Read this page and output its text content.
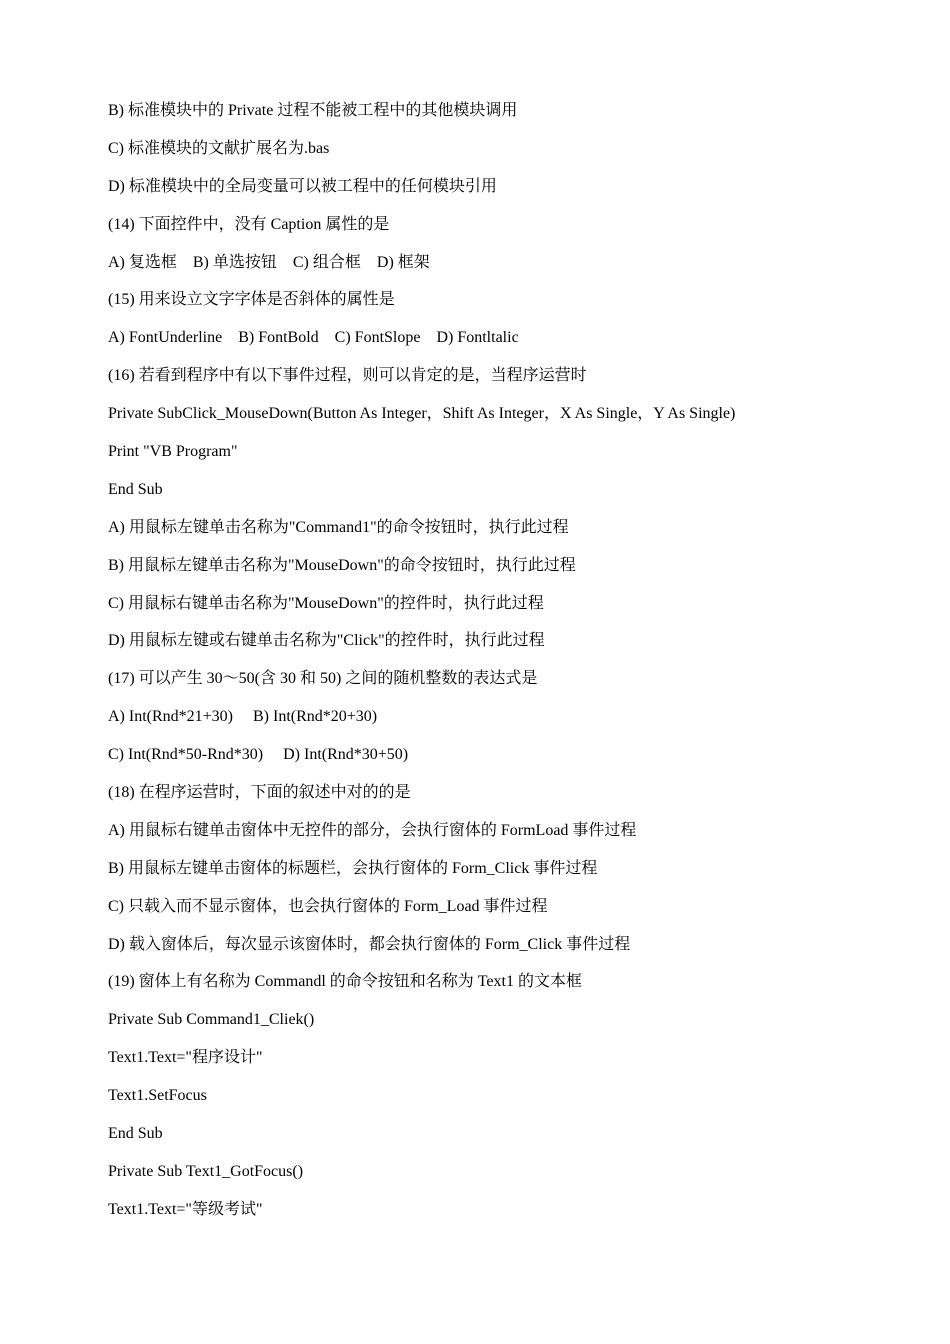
B) 标准模块中的 Private 过程不能被工程中的其他模块调用

C) 标准模块的文献扩展名为.bas

D) 标准模块中的全局变量可以被工程中的任何模块引用

(14) 下面控件中，没有 Caption 属性的是

A) 复选框    B) 单选按钮    C) 组合框    D) 框架

(15) 用来设立文字字体是否斜体的属性是

A) FontUnderline    B) FontBold    C) FontSlope    D) Fontltalic

(16) 若看到程序中有以下事件过程，则可以肯定的是，当程序运营时

Private SubClick_MouseDown(Button As Integer，Shift As Integer，X As Single，Y As Single)

Print "VB Program"

End Sub

A) 用鼠标左键单击名称为"Command1"的命令按钮时，执行此过程

B) 用鼠标左键单击名称为"MouseDown"的命令按钮时，执行此过程

C) 用鼠标右键单击名称为"MouseDown"的控件时，执行此过程

D) 用鼠标左键或右键单击名称为"Click"的控件时，执行此过程

(17) 可以产生 30～50(含 30 和 50) 之间的随机整数的表达式是

A) Int(Rnd*21+30)     B) Int(Rnd*20+30)

C) Int(Rnd*50-Rnd*30)     D) Int(Rnd*30+50)

(18) 在程序运营时，下面的叙述中对的的是

A) 用鼠标右键单击窗体中无控件的部分，会执行窗体的 FormLoad 事件过程

B) 用鼠标左键单击窗体的标题栏，会执行窗体的 Form_Click 事件过程

C) 只载入而不显示窗体，也会执行窗体的 Form_Load 事件过程

D) 载入窗体后，每次显示该窗体时，都会执行窗体的 Form_Click 事件过程

(19) 窗体上有名称为 Commandl 的命令按钮和名称为 Text1 的文本框

Private Sub Command1_Cliek()

Text1.Text="程序设计"

Text1.SetFocus

End Sub

Private Sub Text1_GotFocus()

Text1.Text="等级考试"
